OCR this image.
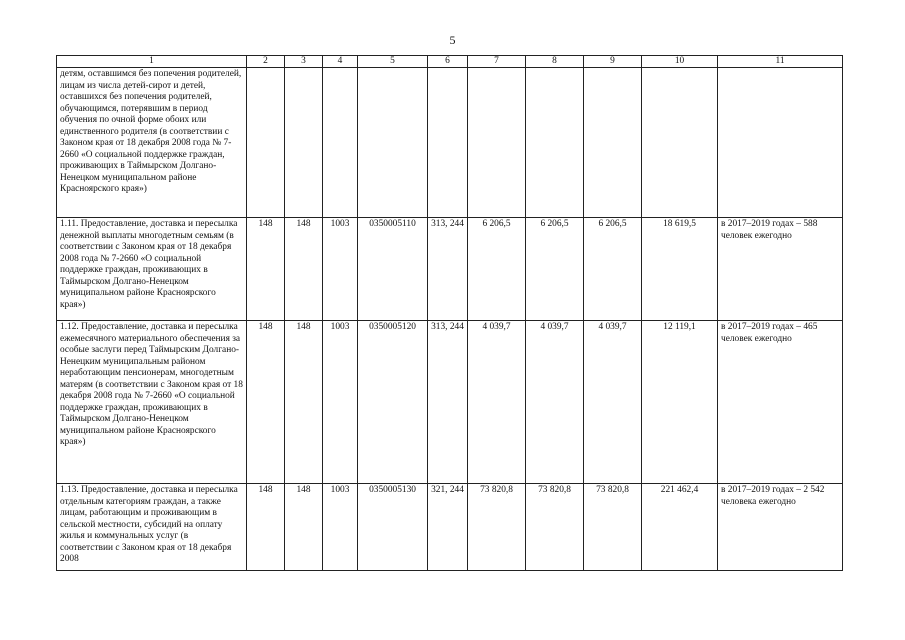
5
1	2	3	4	5	6	7	8	9	10	11
детям, оставшимся без попечения родителей, лицам из числа детей-сирот и детей, оставшихся без попечения родителей, обучающимся, потерявшим в период обучения по очной форме обоих или единственного родителя (в соответствии с Законом края от 18 декабря 2008 года № 7-2660 «О социальной поддержке граждан, проживающих в Таймырском Долгано-Ненецком муниципальном районе Красноярского края»)										
1.11. Предоставление, доставка и пересылка денежной выплаты многодетным семьям (в соответствии с Законом края от 18 декабря 2008 года № 7-2660 «О социальной поддержке граждан, проживающих в Таймырском Долгано-Ненецком муниципальном районе Красноярского края»)	148	148	1003	0350005110	313, 244	6 206,5	6 206,5	6 206,5	18 619,5	в 2017–2019 годах – 588 человек ежегодно
1.12. Предоставление, доставка и пересылка ежемесячного материального обеспечения за особые заслуги перед Таймырским Долгано-Ненецким муниципальным районом неработающим пенсионерам, многодетным матерям (в соответствии с Законом края от 18 декабря 2008 года № 7-2660 «О социальной поддержке граждан, проживающих в Таймырском Долгано-Ненецком муниципальном районе Красноярского края»)	148	148	1003	0350005120	313, 244	4 039,7	4 039,7	4 039,7	12 119,1	в 2017–2019 годах – 465 человек ежегодно
1.13. Предоставление, доставка и пересылка отдельным категориям граждан, а также лицам, работающим и проживающим в сельской местности, субсидий на оплату жилья и коммунальных услуг (в соответствии с Законом края от 18 декабря 2008	148	148	1003	0350005130	321, 244	73 820,8	73 820,8	73 820,8	221 462,4	в 2017–2019 годах – 2 542 человека ежегодно
